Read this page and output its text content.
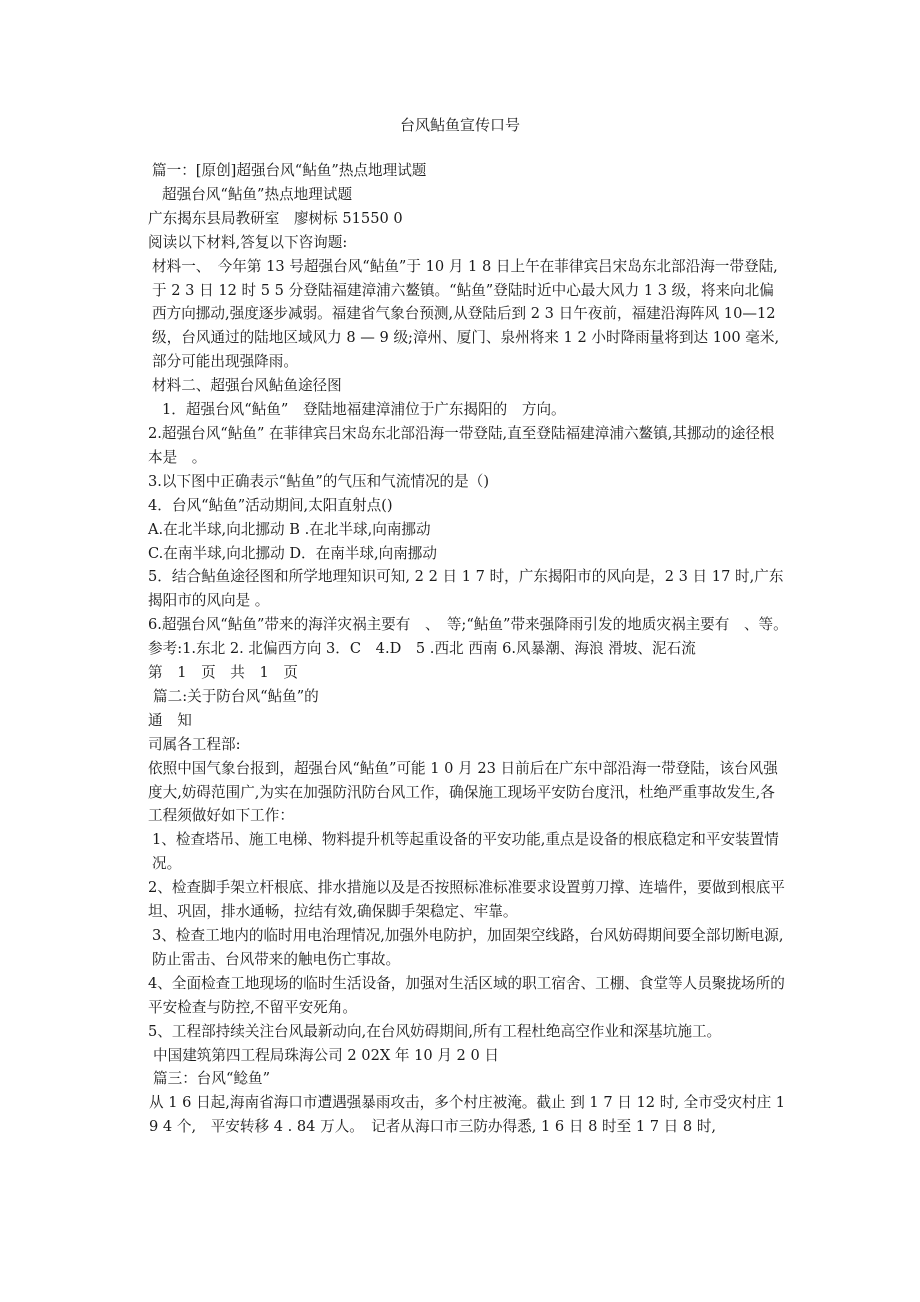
台风鲇鱼宣传口号

篇一：[原创]超强台风“鲇鱼”热点地理试题

超强台风“鲇鱼”热点地理试题

广东揭东县局教研室　廖树标 51550 0

阅读以下材料,答复以下咨询题:

材料一、　今年第 13 号超强台风“鲇鱼”于 10 月 1 8 日上午在菲律宾吕宋岛东北部沿海一带登陆,于 2 3 日 12 时 5 5 分登陆福建漳浦六鳌镇。“鲇鱼”登陆时近中心最大风力 1 3 级，将来向北偏西方向挪动,强度逐步减弱。福建省气象台预测,从登陆后到 2 3 日午夜前，福建沿海阵风 10—12 级，台风通过的陆地区域风力 8 — 9 级;漳州、厦门、泉州将来 1 2 小时降雨量将到达 100 毫米,部分可能出现强降雨。

材料二、超强台风鲇鱼途径图

1．超强台风“鲇鱼”　登陆地福建漳浦位于广东揭阳的　方向。

2.超强台风“鲇鱼” 在菲律宾吕宋岛东北部沿海一带登陆,直至登陆福建漳浦六鳌镇,其挪动的途径根本是　。

3.以下图中正确表示“鲇鱼”的气压和气流情况的是（)

4．台风“鲇鱼”活动期间,太阳直射点()

A.在北半球,向北挪动 B .在北半球,向南挪动

C.在南半球,向北挪动 D．在南半球,向南挪动

5．结合鲇鱼途径图和所学地理知识可知, 2 2 日 1 7 时，广东揭阳市的风向是，2 3 日 17 时,广东揭阳市的风向是 。

6.超强台风“鲇鱼”带来的海洋灾祸主要有　、　等;“鲇鱼”带来强降雨引发的地质灾祸主要有　、等。

参考:1.东北 2. 北偏西方向 3．C　4.D　5 .西北 西南 6.风暴潮、海浪 滑坡、泥石流

第　1　页　共　1　页

篇二:关于防台风“鲇鱼”的

通　知

司属各工程部:

依照中国气象台报到，超强台风“鲇鱼”可能 1 0 月 23 日前后在广东中部沿海一带登陆，该台风强度大,妨碍范围广,为实在加强防汛防台风工作，确保施工现场平安防台度汛，杜绝严重事故发生,各工程须做好如下工作：

1、检查塔吊、施工电梯、物料提升机等起重设备的平安功能,重点是设备的根底稳定和平安装置情况。

2、检查脚手架立杆根底、排水措施以及是否按照标准标准要求设置剪刀撑、连墙件，要做到根底平坦、巩固，排水通畅，拉结有效,确保脚手架稳定、牢靠。

3、检查工地内的临时用电治理情况,加强外电防护，加固架空线路，台风妨碍期间要全部切断电源,防止雷击、台风带来的触电伤亡事故。

4、全面检查工地现场的临时生活设备，加强对生活区域的职工宿舍、工棚、食堂等人员聚拢场所的平安检查与防控,不留平安死角。

5、工程部持续关注台风最新动向,在台风妨碍期间,所有工程杜绝高空作业和深基坑施工。

中国建筑第四工程局珠海公司 2 02X 年 10 月 2 0 日

篇三：台风“鲶鱼”

从 1 6 日起,海南省海口市遭遇强暴雨攻击，多个村庄被淹。截止 到 1 7 日 12 时, 全市受灾村庄 1 9 4 个,　平安转移 4 . 84 万人。　记者从海口市三防办得悉, 1 6 日 8 时至 1 7 日 8 时,
